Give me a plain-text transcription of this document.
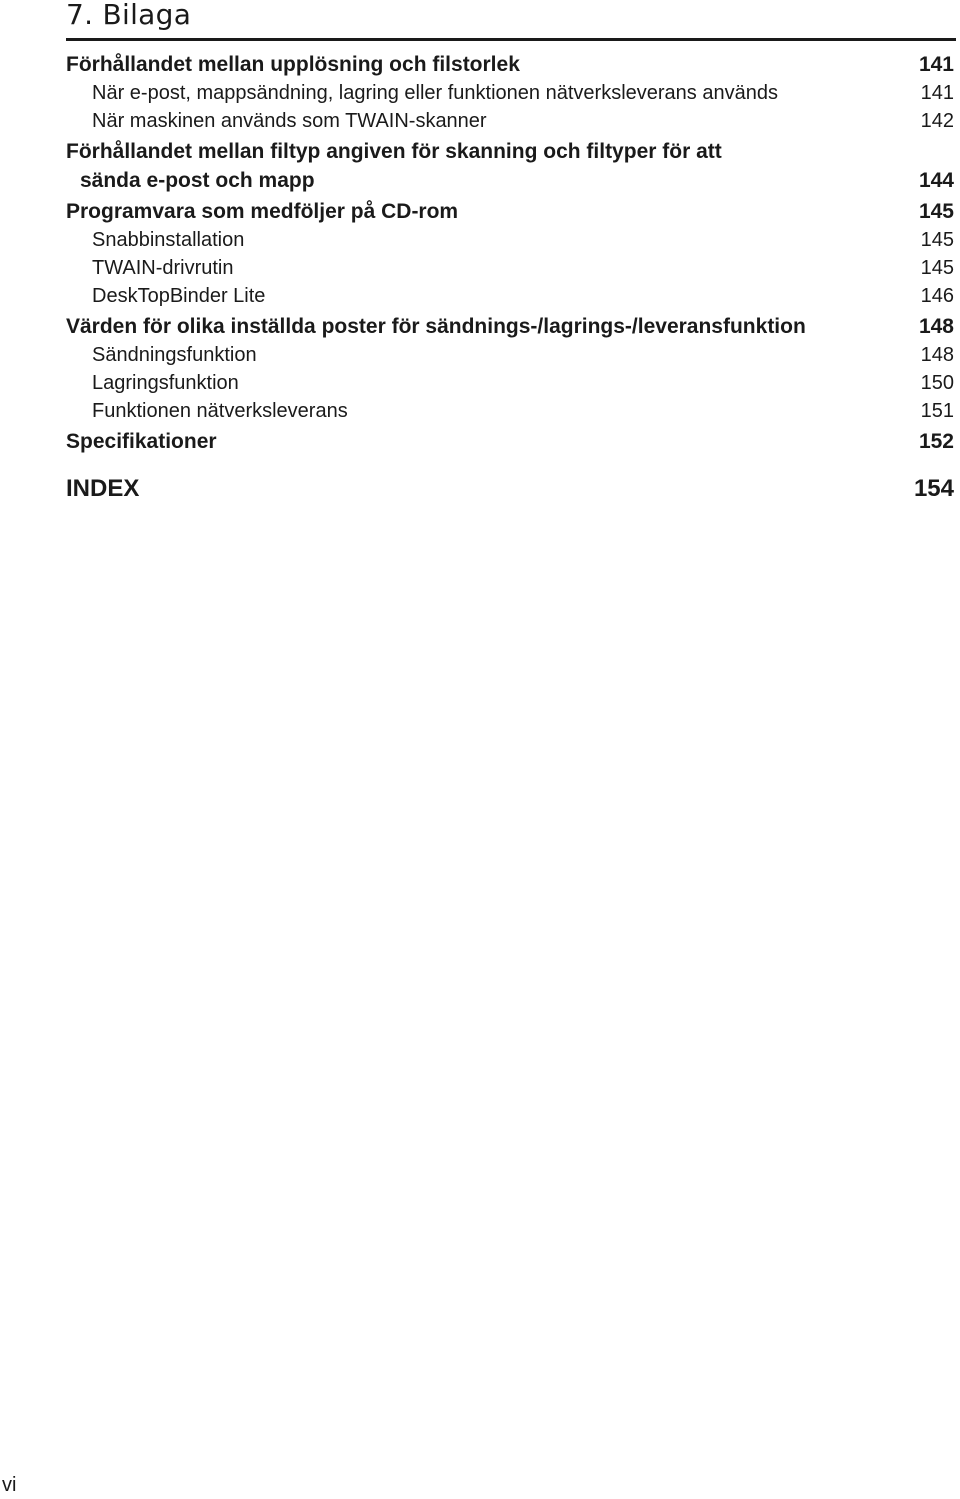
7. Bilaga
Förhållandet mellan upplösning och filstorlek	141
När e-post, mappsändning, lagring eller funktionen nätverksleverans används	141
När maskinen används som TWAIN-skanner	142
Förhållandet mellan filtyp angiven för skanning och filtyper för att
sända e-post och mapp	144
Programvara som medföljer på CD-rom	145
Snabbinstallation	145
TWAIN-drivrutin	145
DeskTopBinder Lite	146
Värden för olika inställda poster för sändnings-/lagrings-/leveransfunktion	148
Sändningsfunktion	148
Lagringsfunktion	150
Funktionen nätverksleverans	151
Specifikationer	152
INDEX	154
vi
